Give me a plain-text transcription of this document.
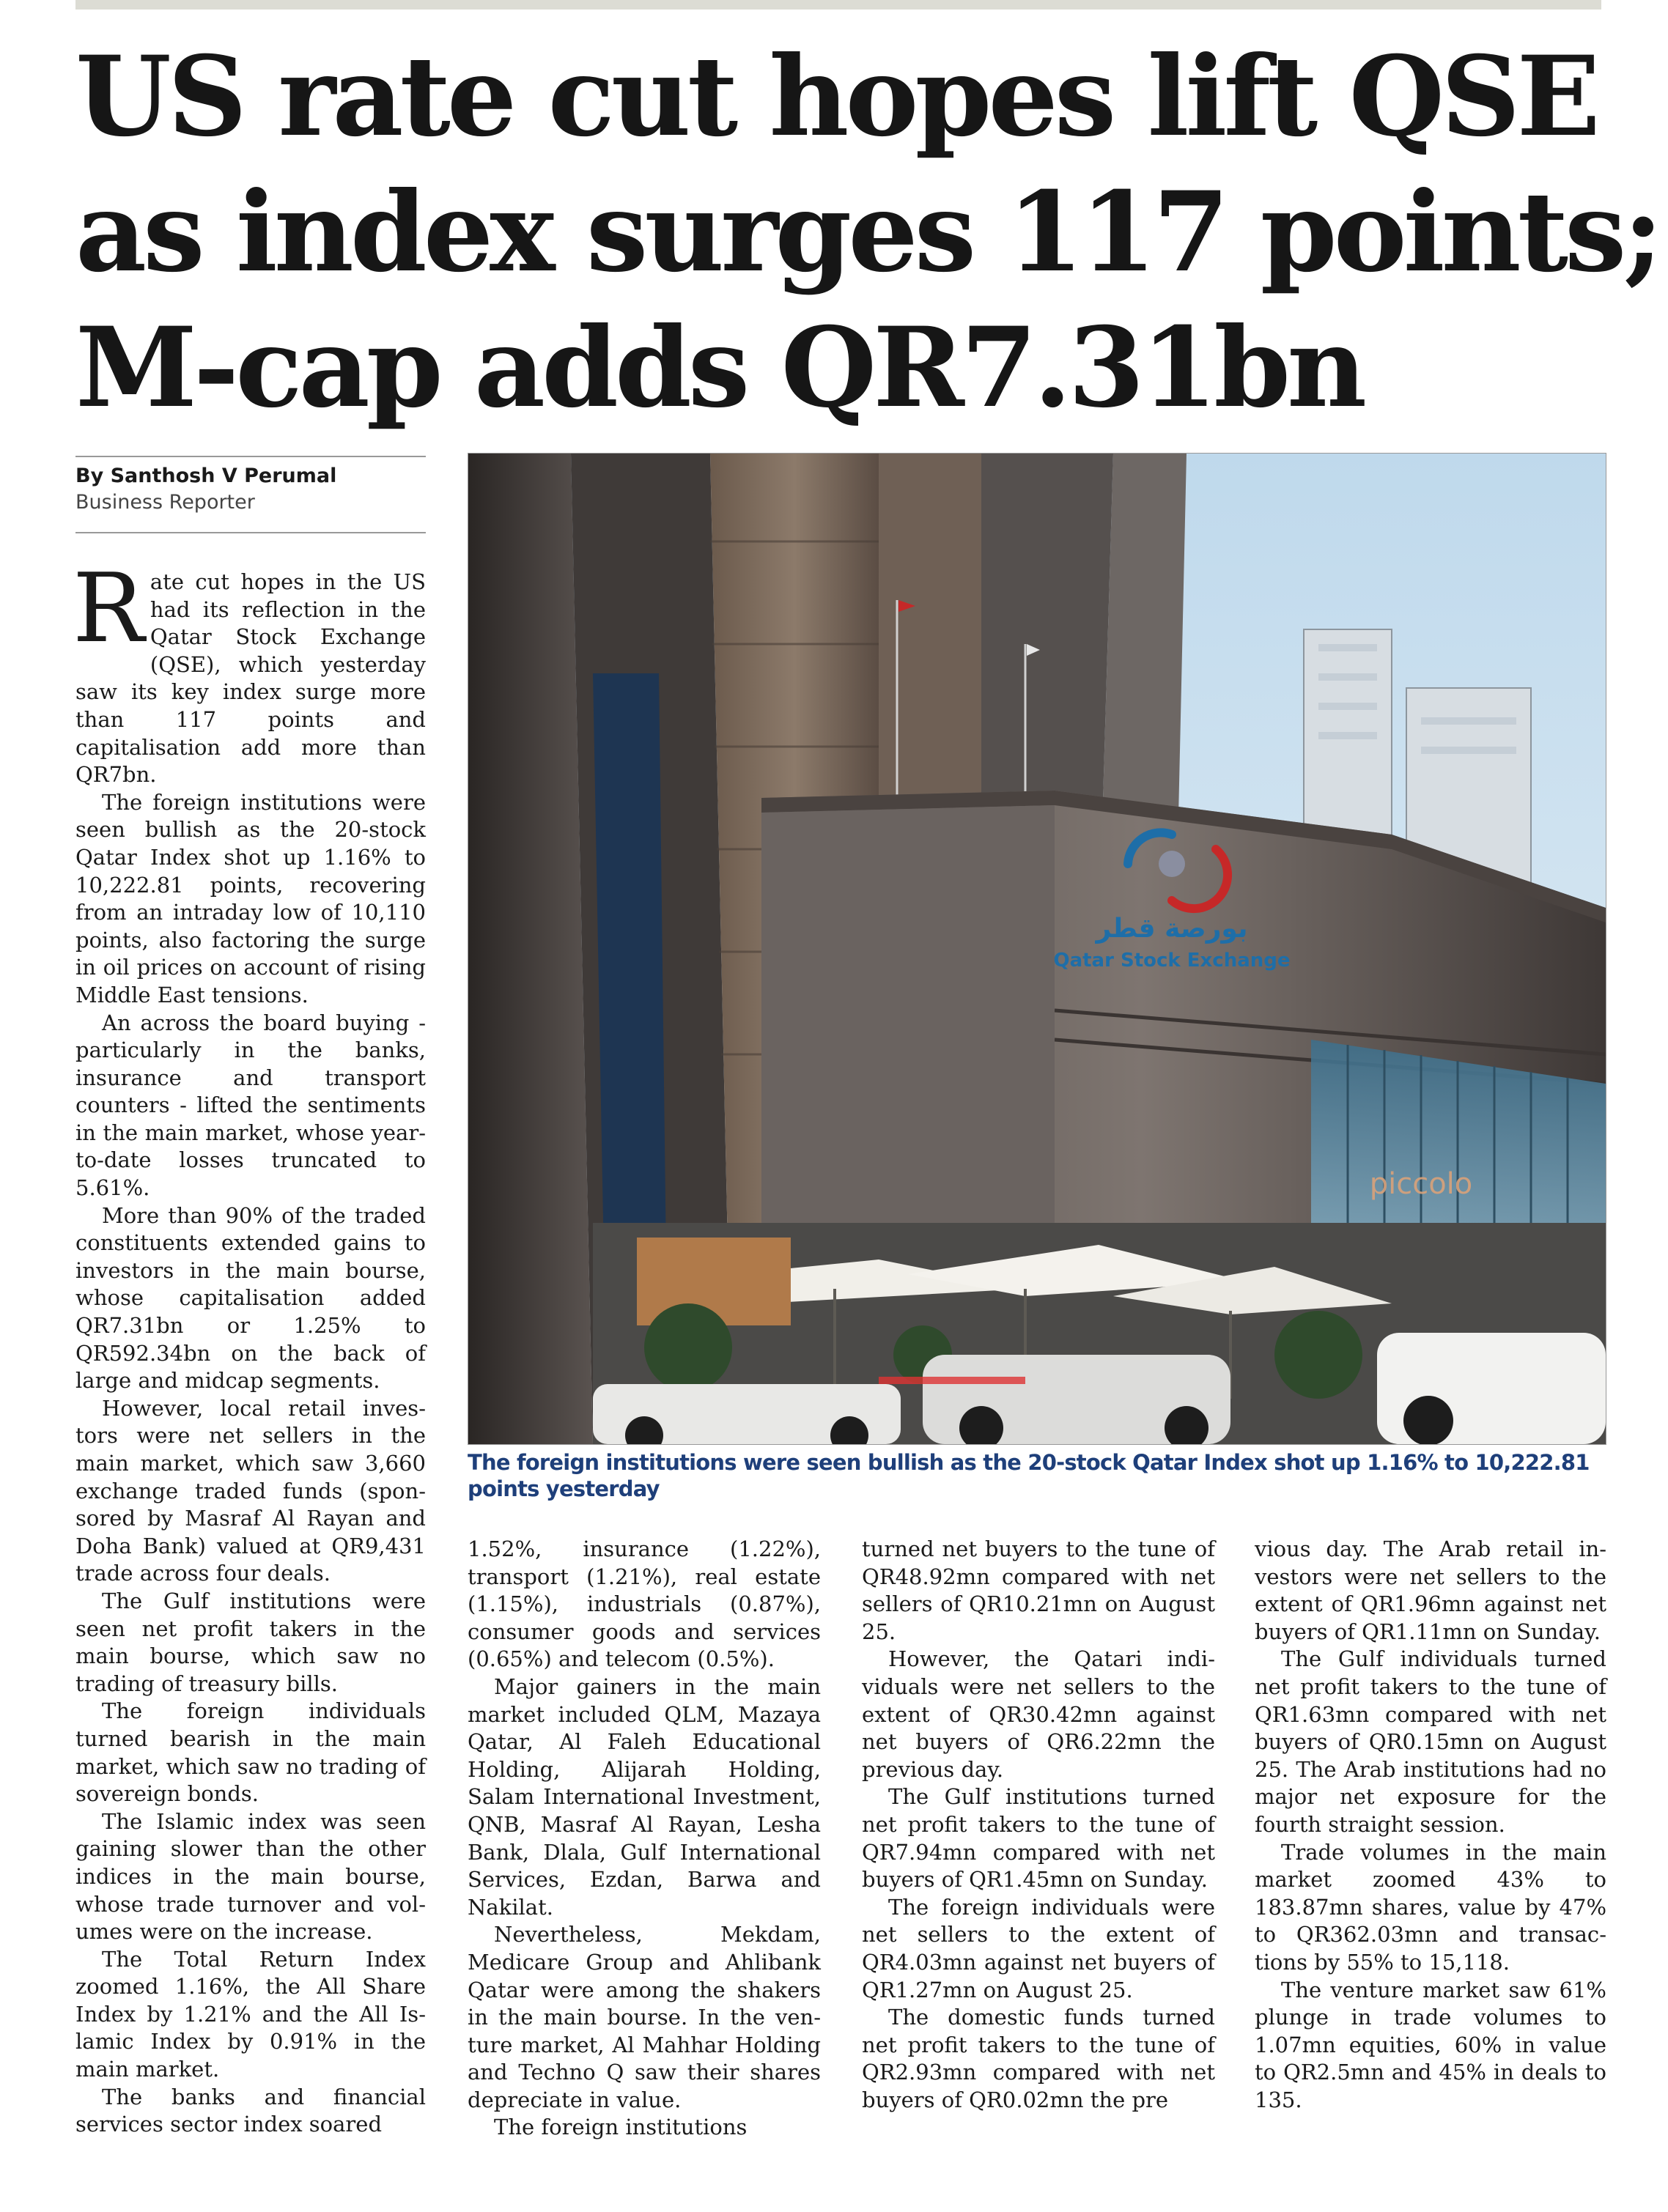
US rate cut hopes lift QSE
as index surges 117 points;
M-cap adds QR7.31bn
By Santhosh V Perumal
Business Reporter

Rate cut hopes in the US had its reflection in the Qatar Stock Exchange (QSE), which yesterday saw its key index surge more than 117 points and capitalisation add more than QR7bn.

The foreign institutions were seen bullish as the 20-stock Qatar Index shot up 1.16% to 10,222.81 points, recovering from an intraday low of 10,110 points, also factoring the surge in oil prices on account of rising Middle East tensions.

An across the board buying - particularly in the banks, insurance and transport counters - lifted the sentiments in the main market, whose year-to-date losses truncated to 5.61%.

More than 90% of the traded constituents extended gains to investors in the main bourse, whose capitalisation added QR7.31bn or 1.25% to QR592.34bn on the back of large and midcap segments.

However, local retail investors were net sellers in the main market, which saw 3,660 exchange traded funds (sponsored by Masraf Al Rayan and Doha Bank) valued at QR9,431 trade across four deals.

The Gulf institutions were seen net profit takers in the main bourse, which saw no trading of treasury bills.

The foreign individuals turned bearish in the main market, which saw no trading of sovereign bonds.

The Islamic index was seen gaining slower than the other indices in the main bourse, whose trade turnover and volumes were on the increase.

The Total Return Index zoomed 1.16%, the All Share Index by 1.21% and the All Islamic Index by 0.91% in the main market.

The banks and financial services sector index soared

بورصة قطر
Qatar Stock Exchange
piccolo
The foreign institutions were seen bullish as the 20-stock Qatar Index shot up 1.16% to 10,222.81 points yesterday

1.52%, insurance (1.22%), transport (1.21%), real estate (1.15%), industrials (0.87%), consumer goods and services (0.65%) and telecom (0.5%).

Major gainers in the main market included QLM, Mazaya Qatar, Al Faleh Educational Holding, Alijarah Holding, Salam International Investment, QNB, Masraf Al Rayan, Lesha Bank, Dlala, Gulf International Services, Ezdan, Barwa and Nakilat.

Nevertheless, Mekdam, Medicare Group and Ahlibank Qatar were among the shakers in the main bourse. In the venture market, Al Mahhar Holding and Techno Q saw their shares depreciate in value.

The foreign institutions

turned net buyers to the tune of QR48.92mn compared with net sellers of QR10.21mn on August 25.

However, the Qatari individuals were net sellers to the extent of QR30.42mn against net buyers of QR6.22mn the previous day.

The Gulf institutions turned net profit takers to the tune of QR7.94mn compared with net buyers of QR1.45mn on Sunday.

The foreign individuals were net sellers to the extent of QR4.03mn against net buyers of QR1.27mn on August 25.

The domestic funds turned net profit takers to the tune of QR2.93mn compared with net buyers of QR0.02mn the pre

vious day. The Arab retail investors were net sellers to the extent of QR1.96mn against net buyers of QR1.11mn on Sunday.

The Gulf individuals turned net profit takers to the tune of QR1.63mn compared with net buyers of QR0.15mn on August 25. The Arab institutions had no major net exposure for the fourth straight session.

Trade volumes in the main market zoomed 43% to 183.87mn shares, value by 47% to QR362.03mn and transactions by 55% to 15,118.

The venture market saw 61% plunge in trade volumes to 1.07mn equities, 60% in value to QR2.5mn and 45% in deals to 135.
